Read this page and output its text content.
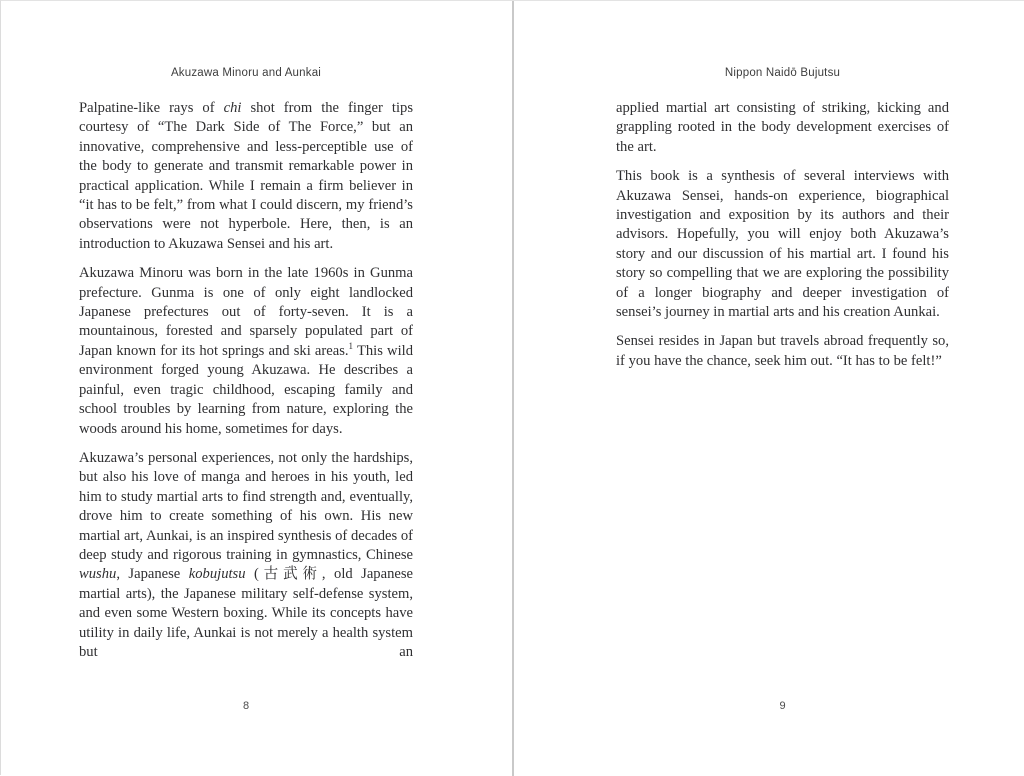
Akuzawa Minoru and Aunkai

Palpatine-like rays of chi shot from the finger tips courtesy of “The Dark Side of The Force,” but an innovative, comprehensive and less-perceptible use of the body to generate and transmit remarkable power in practical application. While I remain a firm believer in “it has to be felt,” from what I could discern, my friend’s observations were not hyperbole. Here, then, is an introduction to Akuzawa Sensei and his art.

Akuzawa Minoru was born in the late 1960s in Gunma prefecture. Gunma is one of only eight landlocked Japanese prefectures out of forty-seven. It is a mountainous, forested and sparsely populated part of Japan known for its hot springs and ski areas.$^1$ This wild environment forged young Akuzawa. He describes a painful, even tragic childhood, escaping family and school troubles by learning from nature, exploring the woods around his home, sometimes for days.

Akuzawa’s personal experiences, not only the hardships, but also his love of manga and heroes in his youth, led him to study martial arts to find strength and, eventually, drove him to create something of his own. His new martial art, Aunkai, is an inspired synthesis of decades of deep study and rigorous training in gymnastics, Chinese wushu, Japanese kobujutsu (古武術, old Japanese martial arts), the Japanese military self-defense system, and even some Western boxing. While its concepts have utility in daily life, Aunkai is not merely a health system but an

8
Nippon Naidō Bujutsu

applied martial art consisting of striking, kicking and grappling rooted in the body development exercises of the art.

This book is a synthesis of several interviews with Akuzawa Sensei, hands-on experience, biographical investigation and exposition by its authors and their advisors. Hopefully, you will enjoy both Akuzawa’s story and our discussion of his martial art. I found his story so compelling that we are exploring the possibility of a longer biography and deeper investigation of sensei’s journey in martial arts and his creation Aunkai.

Sensei resides in Japan but travels abroad frequently so, if you have the chance, seek him out. “It has to be felt!”

9
